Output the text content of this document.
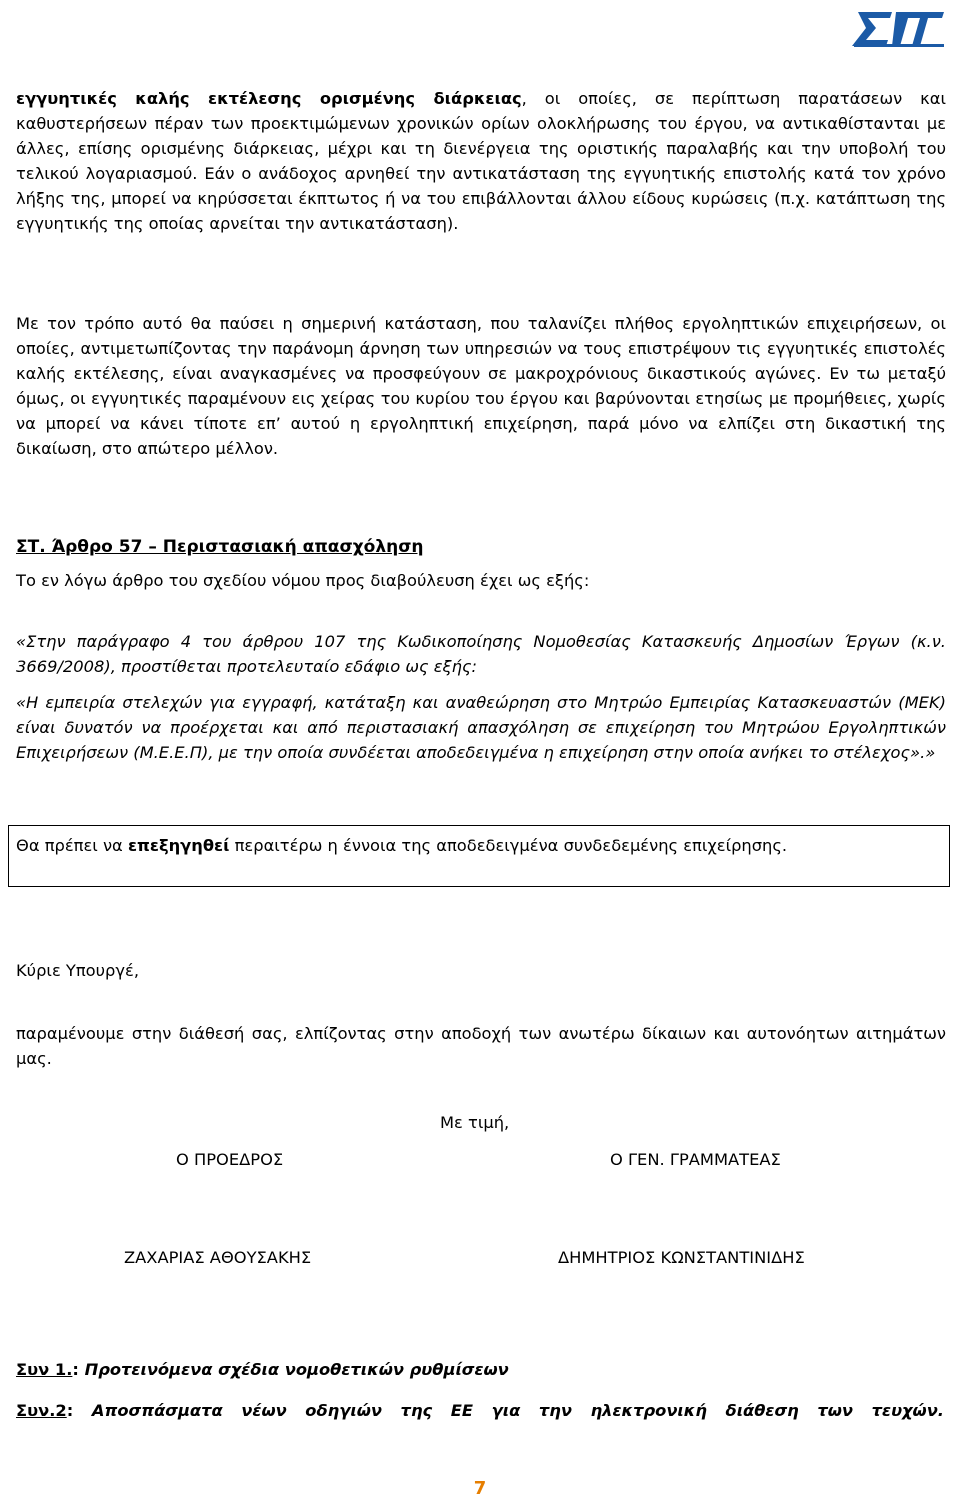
εγγυητικές καλής εκτέλεσης ορισμένης διάρκειας, οι οποίες, σε περίπτωση παρατάσεων και καθυστερήσεων πέραν των προεκτιμώμενων χρονικών ορίων ολοκλήρωσης του έργου, να αντικαθίστανται με άλλες, επίσης ορισμένης διάρκειας, μέχρι και τη διενέργεια της οριστικής παραλαβής και την υποβολή του τελικού λογαριασμού. Εάν ο ανάδοχος αρνηθεί την αντικατάσταση της εγγυητικής επιστολής κατά τον χρόνο λήξης της, μπορεί να κηρύσσεται έκπτωτος ή να του επιβάλλονται άλλου είδους κυρώσεις (π.χ. κατάπτωση της εγγυητικής της οποίας αρνείται την αντικατάσταση).

Με τον τρόπο αυτό θα παύσει η σημερινή κατάσταση, που ταλανίζει πλήθος εργοληπτικών επιχειρήσεων, οι οποίες, αντιμετωπίζοντας την παράνομη άρνηση των υπηρεσιών να τους επιστρέψουν τις εγγυητικές επιστολές καλής εκτέλεσης, είναι αναγκασμένες να προσφεύγουν σε μακροχρόνιους δικαστικούς αγώνες. Εν τω μεταξύ όμως, οι εγγυητικές παραμένουν εις χείρας του κυρίου του έργου και βαρύνονται ετησίως με προμήθειες, χωρίς να μπορεί να κάνει τίποτε επ’ αυτού η εργοληπτική επιχείρηση, παρά μόνο να ελπίζει στη δικαστική της δικαίωση, στο απώτερο μέλλον.

ΣΤ. Άρθρο 57 – Περιστασιακή απασχόληση

Το εν λόγω άρθρο του σχεδίου νόμου προς διαβούλευση έχει ως εξής:

«Στην παράγραφο 4 του άρθρου 107 της Κωδικοποίησης Νομοθεσίας Κατασκευής Δημοσίων Έργων (κ.ν. 3669/2008), προστίθεται προτελευταίο εδάφιο ως εξής:

«Η εμπειρία στελεχών για εγγραφή, κατάταξη και αναθεώρηση στο Μητρώο Εμπειρίας Κατασκευαστών (ΜΕΚ) είναι δυνατόν να προέρχεται και από περιστασιακή απασχόληση σε επιχείρηση του Μητρώου Εργοληπτικών Επιχειρήσεων (Μ.Ε.Ε.Π), με την οποία συνδέεται αποδεδειγμένα η επιχείρηση στην οποία ανήκει το στέλεχος».»

Θα πρέπει να επεξηγηθεί περαιτέρω η έννοια της αποδεδειγμένα συνδεδεμένης επιχείρησης.

Κύριε Υπουργέ,

παραμένουμε στην διάθεσή σας, ελπίζοντας στην αποδοχή των ανωτέρω δίκαιων και αυτονόητων αιτημάτων μας.

Με τιμή,
Ο ΠΡΟΕΔΡΟΣ	Ο ΓΕΝ. ΓΡΑΜΜΑΤΕΑΣ
ΖΑΧΑΡΙΑΣ ΑΘΟΥΣΑΚΗΣ	ΔΗΜΗΤΡΙΟΣ ΚΩΝΣΤΑΝΤΙΝΙΔΗΣ
Συν 1.: Προτεινόμενα σχέδια νομοθετικών ρυθμίσεων
Συν.2: Αποσπάσματα νέων οδηγιών της ΕΕ για την ηλεκτρονική διάθεση των τευχών.
7
